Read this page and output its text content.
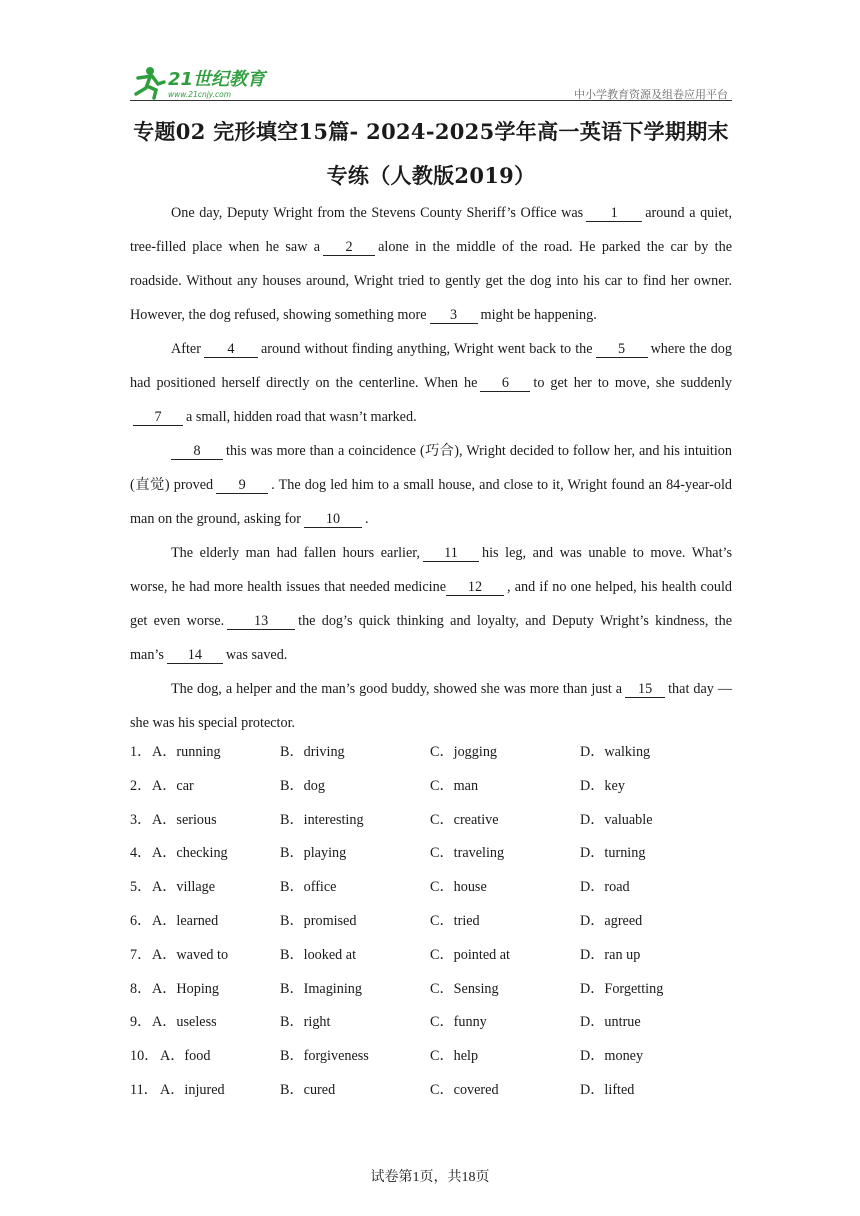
21世纪教育
www.21cnjy.com	中小学教育资源及组卷应用平台
专题02 完形填空15篇- 2024-2025学年高一英语下学期期末
专练（人教版2019）

One day, Deputy Wright from the Stevens County Sheriff’s Office was 1 around a quiet, tree-filled place when he saw a 2 alone in the middle of the road. He parked the car by the roadside. Without any houses around, Wright tried to gently get the dog into his car to find her owner. However, the dog refused, showing something more 3 might be happening.

After 4 around without finding anything, Wright went back to the 5 where the dog had positioned herself directly on the centerline. When he 6 to get her to move, she suddenly7 a small, hidden road that wasn’t marked.

8 this was more than a coincidence (巧合), Wright decided to follow her, and his intuition (直觉) proved 9 . The dog led him to a small house, and close to it, Wright found an 84-year-old man on the ground, asking for 10 .

The elderly man had fallen hours earlier, 11 his leg, and was unable to move. What’s worse, he had more health issues that needed medicine 12 , and if no one helped, his health could get even worse. 13 the dog’s quick thinking and loyalty, and Deputy Wright’s kindness, the man’s 14 was saved.

The dog, a helper and the man’s good buddy, showed she was more than just a 15 that day — she was his special protector.

1． A．running	B．driving	C．jogging	D．walking
2． A．car	B．dog	C．man	D．key
3． A．serious	B．interesting	C．creative	D．valuable
4． A．checking	B．playing	C．traveling	D．turning
5． A．village	B．office	C．house	D．road
6． A．learned	B．promised	C．tried	D．agreed
7． A．waved to	B．looked at	C．pointed at	D．ran up
8． A．Hoping	B．Imagining	C．Sensing	D．Forgetting
9． A．useless	B．right	C．funny	D．untrue
10． A．food	B．forgiveness	C．help	D．money
11． A．injured	B．cured	C．covered	D．lifted
试卷第1页，共18页
